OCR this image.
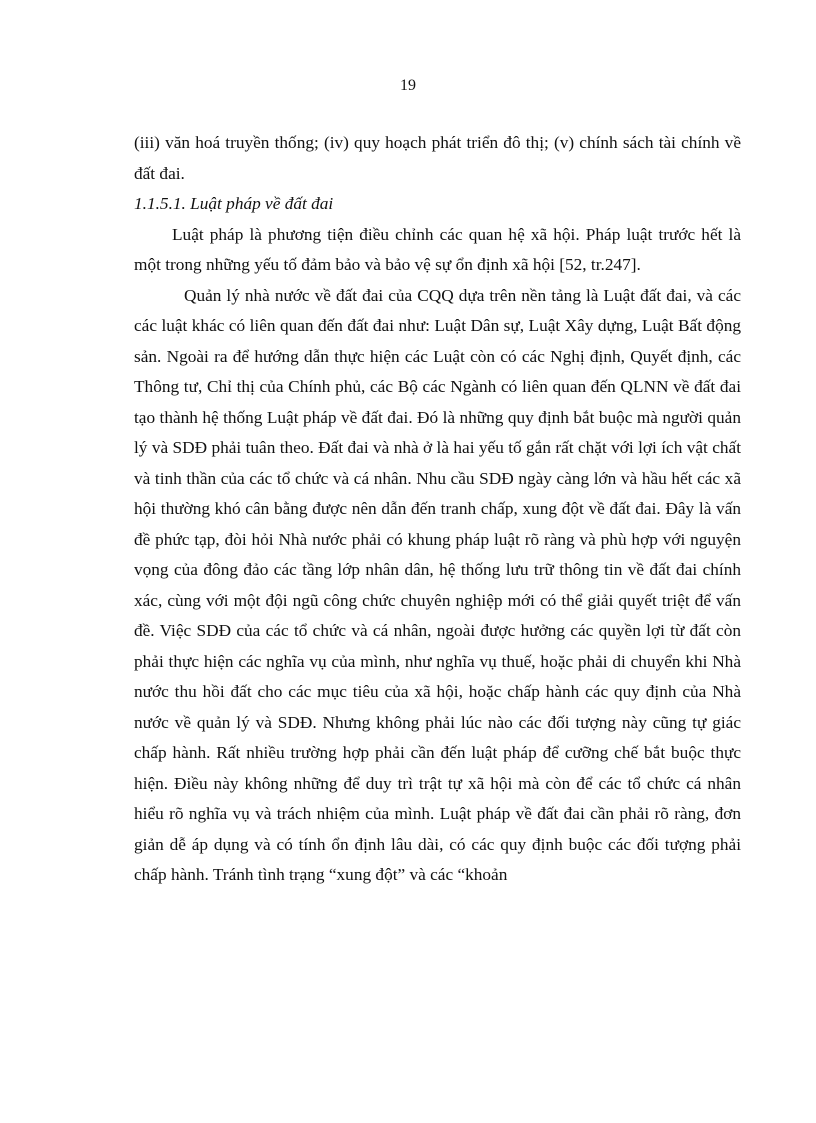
19

(iii) văn hoá truyền thống; (iv) quy hoạch phát triển đô thị; (v) chính sách tài chính về đất đai.

1.1.5.1. Luật pháp về đất đai

Luật pháp là phương tiện điều chỉnh các quan hệ xã hội. Pháp luật trước hết là một trong những yếu tố đảm bảo và bảo vệ sự ổn định xã hội [52, tr.247].

Quản lý nhà nước về đất đai của CQQ dựa trên nền tảng là Luật đất đai, và các các luật khác có liên quan đến đất đai như: Luật Dân sự, Luật Xây dựng, Luật Bất động sản. Ngoài ra để hướng dẫn thực hiện các Luật còn có các Nghị định, Quyết định, các Thông tư, Chỉ thị của Chính phủ, các Bộ các Ngành có liên quan đến QLNN về đất đai tạo thành hệ thống Luật pháp về đất đai. Đó là những quy định bắt buộc mà người quản lý và SDĐ phải tuân theo. Đất đai và nhà ở là hai yếu tố gắn rất chặt với lợi ích vật chất và tinh thần của các tổ chức và cá nhân. Nhu cầu SDĐ ngày càng lớn và hầu hết các xã hội thường khó cân bằng được nên dẫn đến tranh chấp, xung đột về đất đai. Đây là vấn đề phức tạp, đòi hỏi Nhà nước phải có khung pháp luật rõ ràng và phù hợp với nguyện vọng của đông đảo các tầng lớp nhân dân, hệ thống lưu trữ thông tin về đất đai chính xác, cùng với một đội ngũ công chức chuyên nghiệp mới có thể giải quyết triệt để vấn đề. Việc SDĐ của các tổ chức và cá nhân, ngoài được hưởng các quyền lợi từ đất còn phải thực hiện các nghĩa vụ của mình, như nghĩa vụ thuế, hoặc phải di chuyển khi Nhà nước thu hồi đất cho các mục tiêu của xã hội, hoặc chấp hành các quy định của Nhà nước về quản lý và SDĐ. Nhưng không phải lúc nào các đối tượng này cũng tự giác chấp hành. Rất nhiều trường hợp phải cần đến luật pháp để cưỡng chế bắt buộc thực hiện. Điều này không những để duy trì trật tự xã hội mà còn để các tổ chức cá nhân hiểu rõ nghĩa vụ và trách nhiệm của mình. Luật pháp về đất đai cần phải rõ ràng, đơn giản dễ áp dụng và có tính ổn định lâu dài, có các quy định buộc các đối tượng phải chấp hành. Tránh tình trạng “xung đột” và các “khoản
